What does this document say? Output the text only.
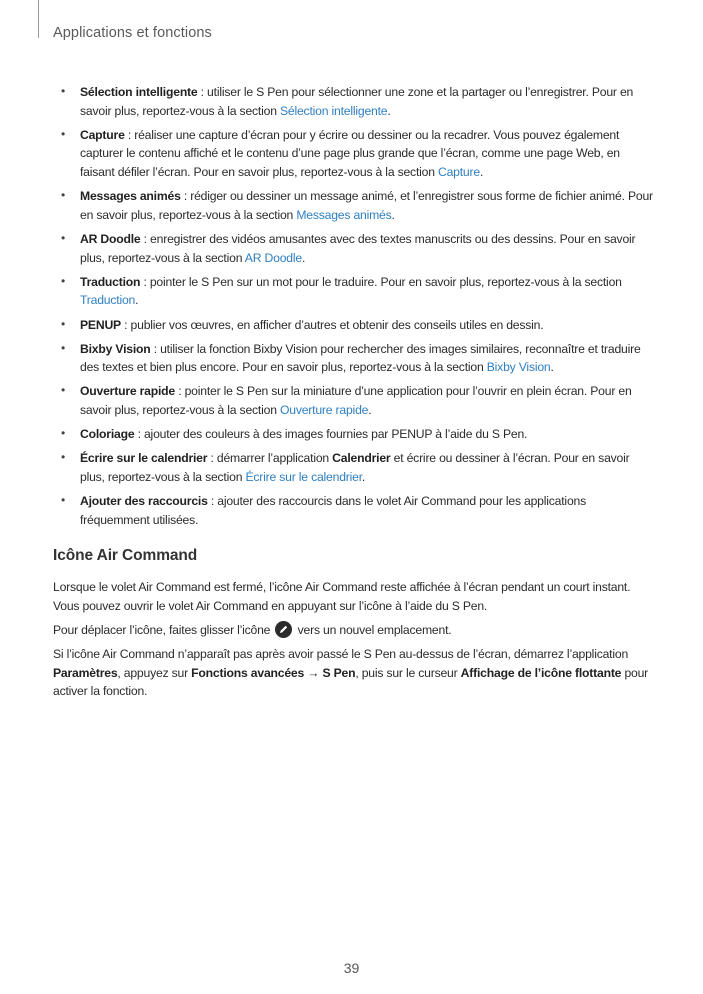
Applications et fonctions
• Sélection intelligente : utiliser le S Pen pour sélectionner une zone et la partager ou l’enregistrer. Pour en savoir plus, reportez-vous à la section Sélection intelligente.
• Capture : réaliser une capture d’écran pour y écrire ou dessiner ou la recadrer. Vous pouvez également capturer le contenu affiché et le contenu d’une page plus grande que l’écran, comme une page Web, en faisant défiler l’écran. Pour en savoir plus, reportez-vous à la section Capture.
• Messages animés : rédiger ou dessiner un message animé, et l’enregistrer sous forme de fichier animé. Pour en savoir plus, reportez-vous à la section Messages animés.
• AR Doodle : enregistrer des vidéos amusantes avec des textes manuscrits ou des dessins. Pour en savoir plus, reportez-vous à la section AR Doodle.
• Traduction : pointer le S Pen sur un mot pour le traduire. Pour en savoir plus, reportez-vous à la section Traduction.
• PENUP : publier vos œuvres, en afficher d’autres et obtenir des conseils utiles en dessin.
• Bixby Vision : utiliser la fonction Bixby Vision pour rechercher des images similaires, reconnaître et traduire des textes et bien plus encore. Pour en savoir plus, reportez-vous à la section Bixby Vision.
• Ouverture rapide : pointer le S Pen sur la miniature d’une application pour l’ouvrir en plein écran. Pour en savoir plus, reportez-vous à la section Ouverture rapide.
• Coloriage : ajouter des couleurs à des images fournies par PENUP à l’aide du S Pen.
• Écrire sur le calendrier : démarrer l’application Calendrier et écrire ou dessiner à l’écran. Pour en savoir plus, reportez-vous à la section Écrire sur le calendrier.
• Ajouter des raccourcis : ajouter des raccourcis dans le volet Air Command pour les applications fréquemment utilisées.
Icône Air Command

Lorsque le volet Air Command est fermé, l’icône Air Command reste affichée à l’écran pendant un court instant. Vous pouvez ouvrir le volet Air Command en appuyant sur l’icône à l’aide du S Pen.

Pour déplacer l’icône, faites glisser l’icône vers un nouvel emplacement.

Si l’icône Air Command n’apparaît pas après avoir passé le S Pen au-dessus de l’écran, démarrez l’application Paramètres, appuyez sur Fonctions avancées → S Pen, puis sur le curseur Affichage de l’icône flottante pour activer la fonction.

39
